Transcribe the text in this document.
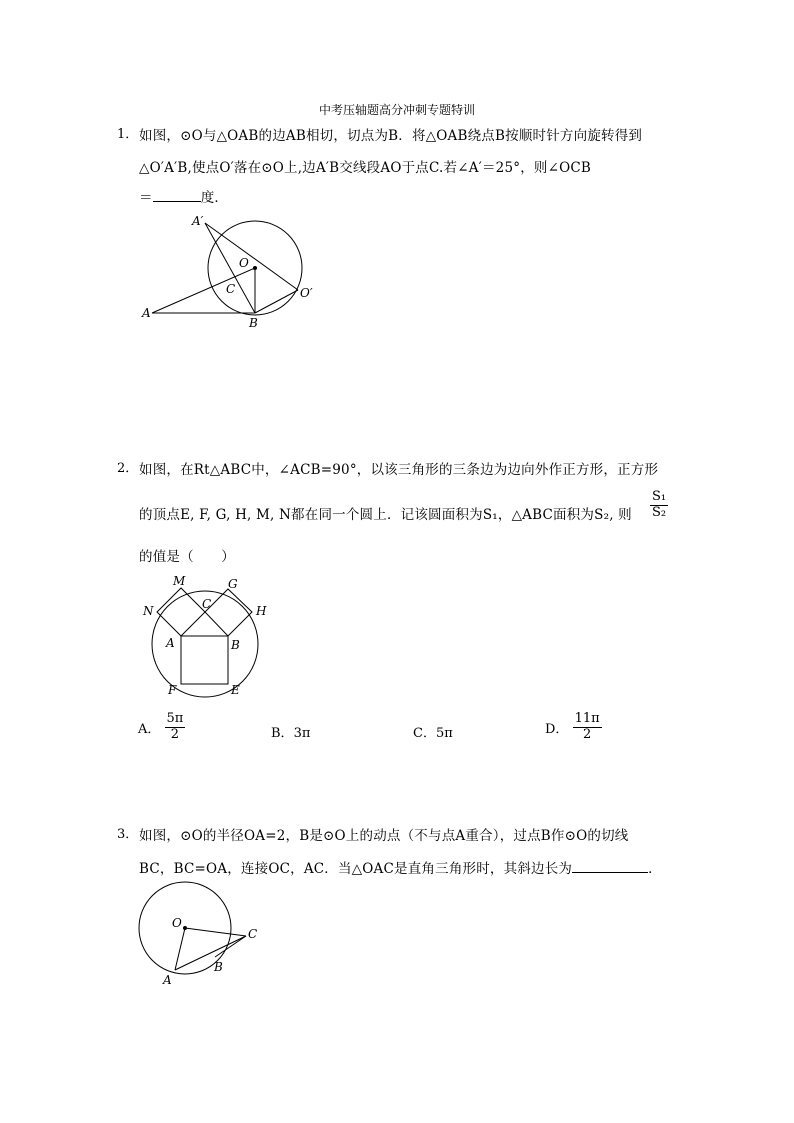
中考压轴题高分冲刺专题特训
1． 如图，⊙O与△OAB的边AB相切，切点为B．将△OAB绕点B按顺时针方向旋转得到
△O′A′B,使点O′落在⊙O上,边A′B交线段AO于点C.若∠A′＝25°，则∠OCB
＝	度．
A′
O
C	O′
A
B
2． 如图，在Rt△ABC中，∠ACB=90°，以该三角形的三条边为边向外作正方形，正方形
的顶点E, F, G, H, M, N都在同一个圆上．记该圆面积为S₁，△ABC面积为S₂, 则 $\frac{\text{S₁}}{\text{S₂}}$
的值是（　　）
M	G
N	C	H
A	B
F	E
A． $\frac{5\pi}{2}$	B．3π	C．5π	D． $\frac{11\pi}{2}$
3． 如图，⊙O的半径OA=2，B是⊙O上的动点（不与点A重合），过点B作⊙O的切线
BC，BC=OA，连接OC，AC．当△OAC是直角三角形时，其斜边长为	．
O
C
B
A
